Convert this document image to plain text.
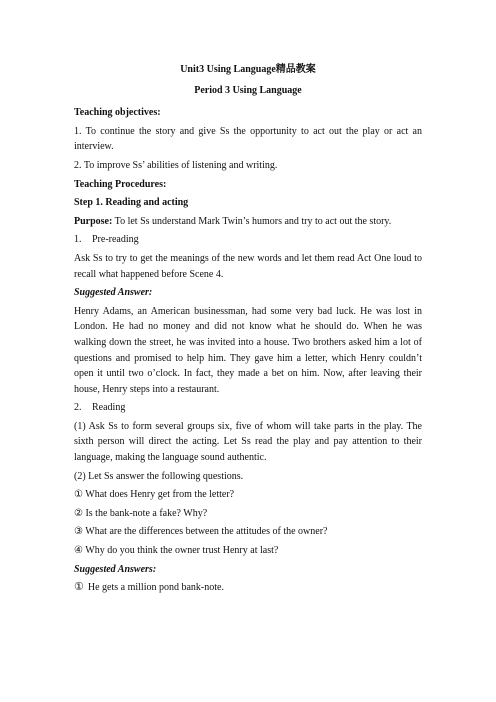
Unit3 Using Language精品教案
Period 3 Using Language

Teaching objectives:

1. To continue the story and give Ss the opportunity to act out the play or act an interview.

2. To improve Ss’ abilities of listening and writing.

Teaching Procedures:

Step 1. Reading and acting

Purpose: To let Ss understand Mark Twin’s humors and try to act out the story.

1. Pre-reading

Ask Ss to try to get the meanings of the new words and let them read Act One loud to recall what happened before Scene 4.

Suggested Answer:

Henry Adams, an American businessman, had some very bad luck. He was lost in London. He had no money and did not know what he should do. When he was walking down the street, he was invited into a house. Two brothers asked him a lot of questions and promised to help him. They gave him a letter, which Henry couldn’t open it until two o’clock. In fact, they made a bet on him. Now, after leaving their house, Henry steps into a restaurant.

2. Reading

(1) Ask Ss to form several groups six, five of whom will take parts in the play. The sixth person will direct the acting. Let Ss read the play and pay attention to their language, making the language sound authentic.

(2) Let Ss answer the following questions.

① What does Henry get from the letter?

② Is the bank-note a fake? Why?

③ What are the differences between the attitudes of the owner?

④ Why do you think the owner trust Henry at last?

Suggested Answers:

① He gets a million pond bank-note.
